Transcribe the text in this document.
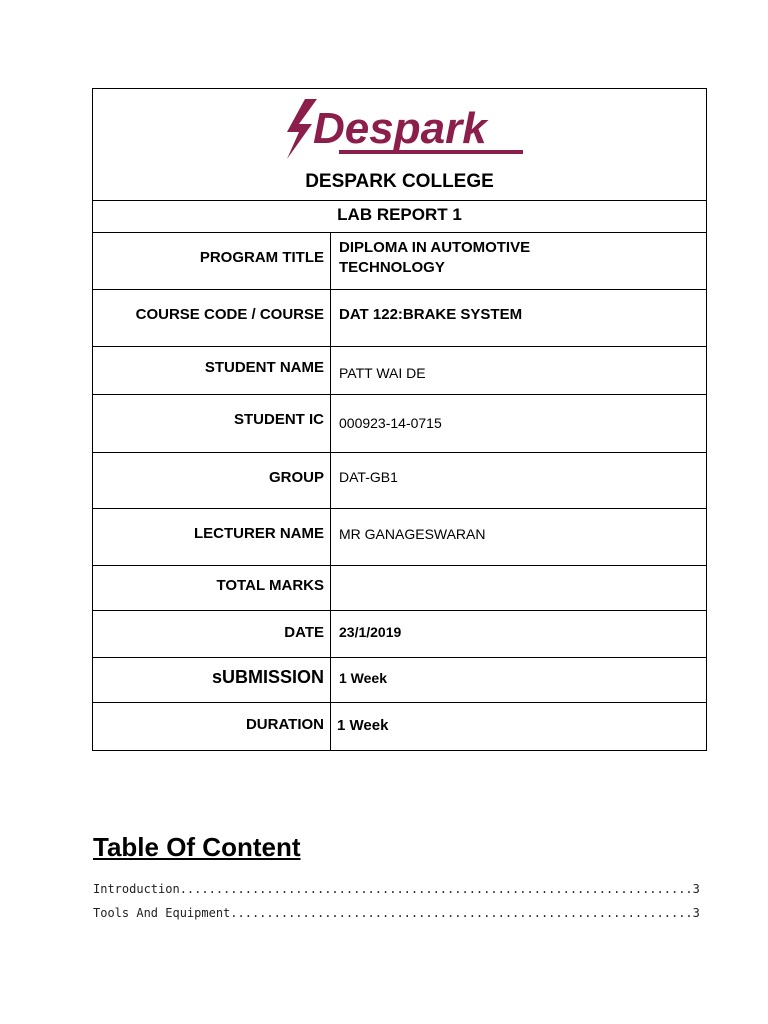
Despark
DESPARK COLLEGE
LAB REPORT 1
PROGRAM TITLE
DIPLOMA IN AUTOMOTIVE
TECHNOLOGY
COURSE CODE / COURSE DAT 122:BRAKE SYSTEM
STUDENT NAME PATT WAI DE
STUDENT IC 000923-14-0715
GROUP DAT-GB1
LECTURER NAME MR GANAGESWARAN
TOTAL MARKS
DATE 23/1/2019
sUBMISSION 1 Week
DURATION 1 Week
Table Of Content
Introduction.......................................................................3
Tools And Equipment................................................................3
